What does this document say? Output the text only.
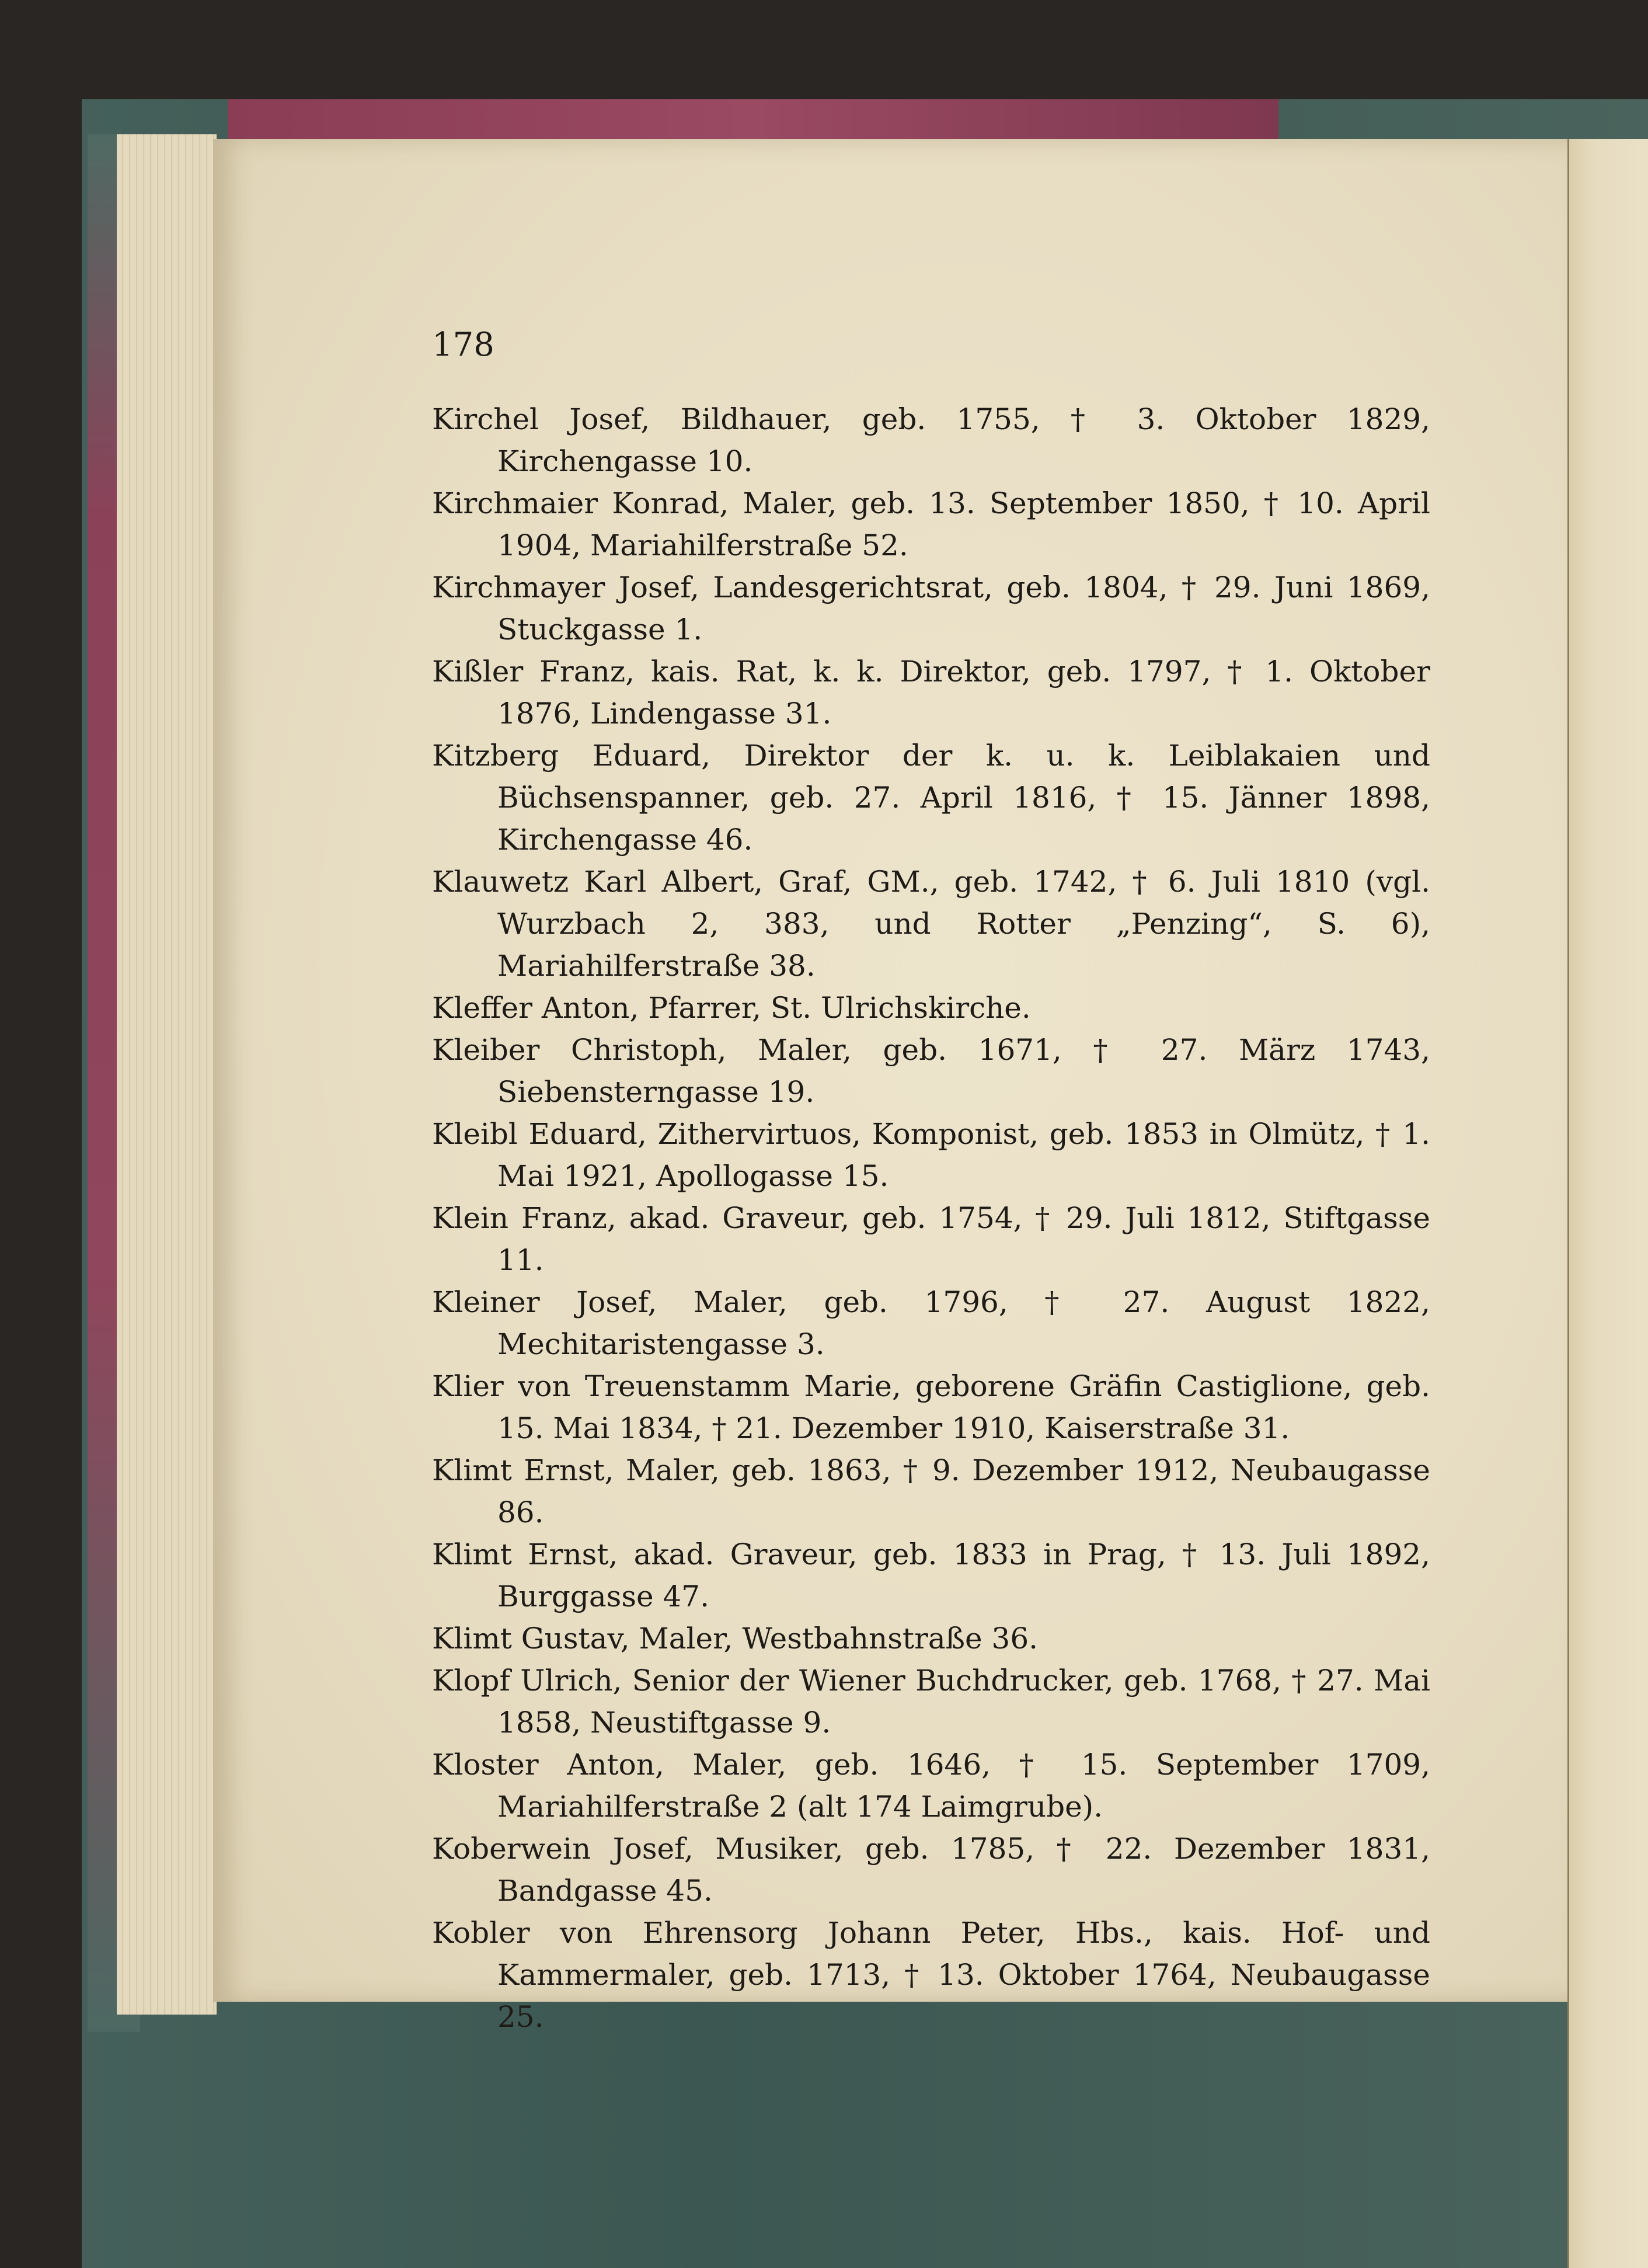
178

Kirchel Josef, Bildhauer, geb. 1755, † 3. Oktober 1829, Kirchengasse 10.
Kirchmaier Konrad, Maler, geb. 13. September 1850, † 10. April 1904, Mariahilferstraße 52.
Kirchmayer Josef, Landesgerichtsrat, geb. 1804, † 29. Juni 1869, Stuckgasse 1.
Kißler Franz, kais. Rat, k. k. Direktor, geb. 1797, † 1. Oktober 1876, Lindengasse 31.
Kitzberg Eduard, Direktor der k. u. k. Leiblakaien und Büchsenspanner, geb. 27. April 1816, † 15. Jänner 1898, Kirchengasse 46.
Klauwetz Karl Albert, Graf, GM., geb. 1742, † 6. Juli 1810 (vgl. Wurzbach 2, 383, und Rotter „Penzing“, S. 6), Mariahilferstraße 38.
Kleffer Anton, Pfarrer, St. Ulrichskirche.
Kleiber Christoph, Maler, geb. 1671, † 27. März 1743, Siebensterngasse 19.
Kleibl Eduard, Zithervirtuos, Komponist, geb. 1853 in Olmütz, † 1. Mai 1921, Apollogasse 15.
Klein Franz, akad. Graveur, geb. 1754, † 29. Juli 1812, Stiftgasse 11.
Kleiner Josef, Maler, geb. 1796, † 27. August 1822, Mechitaristengasse 3.
Klier von Treuenstamm Marie, geborene Gräfin Castiglione, geb. 15. Mai 1834, † 21. Dezember 1910, Kaiserstraße 31.
Klimt Ernst, Maler, geb. 1863, † 9. Dezember 1912, Neubaugasse 86.
Klimt Ernst, akad. Graveur, geb. 1833 in Prag, † 13. Juli 1892, Burggasse 47.
Klimt Gustav, Maler, Westbahnstraße 36.
Klopf Ulrich, Senior der Wiener Buchdrucker, geb. 1768, † 27. Mai 1858, Neustiftgasse 9.
Kloster Anton, Maler, geb. 1646, † 15. September 1709, Mariahilferstraße 2 (alt 174 Laimgrube).
Koberwein Josef, Musiker, geb. 1785, † 22. Dezember 1831, Bandgasse 45.
Kobler von Ehrensorg Johann Peter, Hbs., kais. Hof- und Kammermaler, geb. 1713, † 13. Oktober 1764, Neubaugasse 25.
